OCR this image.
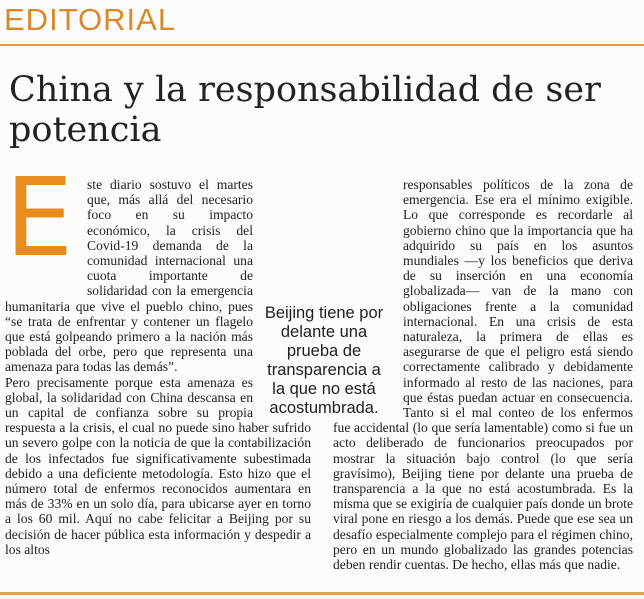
EDITORIAL
China y la responsabilidad de ser potencia
E	ste diario sostuvo el martes que, más allá del necesario foco en su impacto económico, la crisis del Covid-19 demanda de la comunidad internacional una cuota importante de solidaridad con la emergencia humanitaria que vive el pueblo chino, pues “se trata de enfrentar y contener un flagelo que está golpeando primero a la nación más poblada del orbe, pero que representa una amenaza para todas las demás”.

Pero precisamente porque esta amenaza es global, la solidaridad con China descansa en un capital de confianza sobre su propia respuesta a la crisis, el cual no puede sino haber sufrido un severo golpe con la noticia de que la contabilización de los infectados fue significativamente subestimada debido a una deficiente metodología. Esto hizo que el número total de enfermos reconocidos aumentara en más de 33% en un solo día, para ubicarse ayer en torno a los 60 mil. Aquí no cabe felicitar a Beijing por su decisión de hacer pública esta información y despedir a los altos

responsables políticos de la zona de emergencia. Ese era el mínimo exigible. Lo que corresponde es recordarle al gobierno chino que la importancia que ha adquirido su país en los asuntos mundiales —y los beneficios que deriva de su inserción en una economía globalizada— van de la mano con obligaciones frente a la comunidad internacional. En una crisis de esta naturaleza, la primera de ellas es asegurarse de que el peligro está siendo correctamente calibrado y debidamente informado al resto de las naciones, para que éstas puedan actuar en consecuencia. Tanto si el mal conteo de los enfermos fue accidental (lo que sería lamentable) como si fue un acto deliberado de funcionarios preocupados por mostrar la situación bajo control (lo que sería gravísimo), Beijing tiene por delante una prueba de transparencia a la que no está acostumbrada. Es la misma que se exigiría de cualquier país donde un brote viral pone en riesgo a los demás. Puede que ese sea un desafío especialmente complejo para el régimen chino, pero en un mundo globalizado las grandes potencias deben rendir cuentas. De hecho, ellas más que nadie.

Beijing tiene por delante una prueba de transparencia a la que no está acostumbrada.
